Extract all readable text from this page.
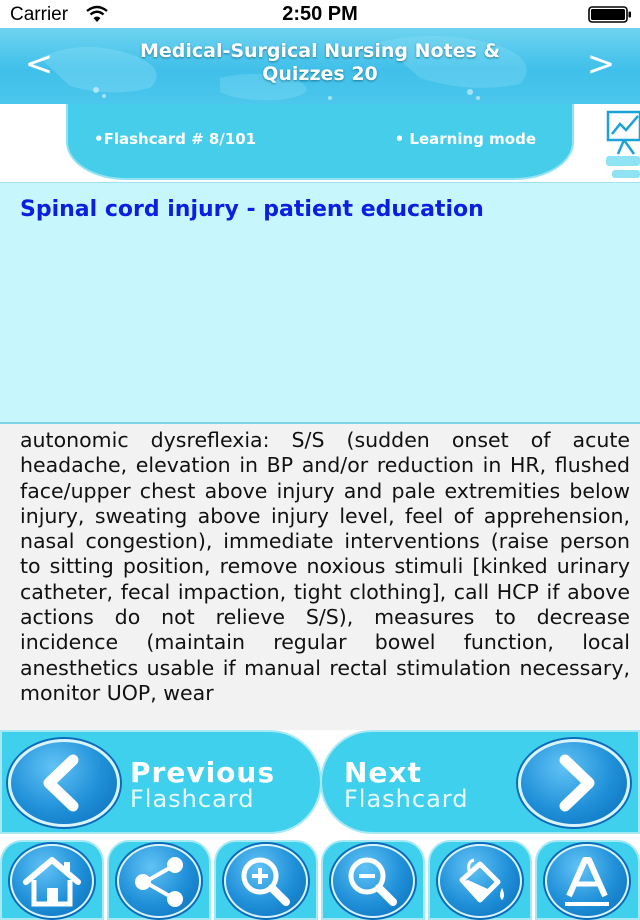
Carrier	2:50 PM
<	Medical-Surgical Nursing Notes & Quizzes 20	>
•Flashcard # 8/101	• Learning mode
Spinal cord injury - patient education
autonomic dysreflexia: S/S (sudden onset of acute headache, elevation in BP and/or reduction in HR, flushed face/upper chest above injury and pale extremities below injury, sweating above injury level, feel of apprehension, nasal congestion), immediate interventions (raise person to sitting position, remove noxious stimuli [kinked urinary catheter, fecal impaction, tight clothing], call HCP if above actions do not relieve S/S), measures to decrease incidence (maintain regular bowel function, local anesthetics usable if manual rectal stimulation necessary, monitor UOP, wear
Previous
Flashcard
Next
Flashcard
